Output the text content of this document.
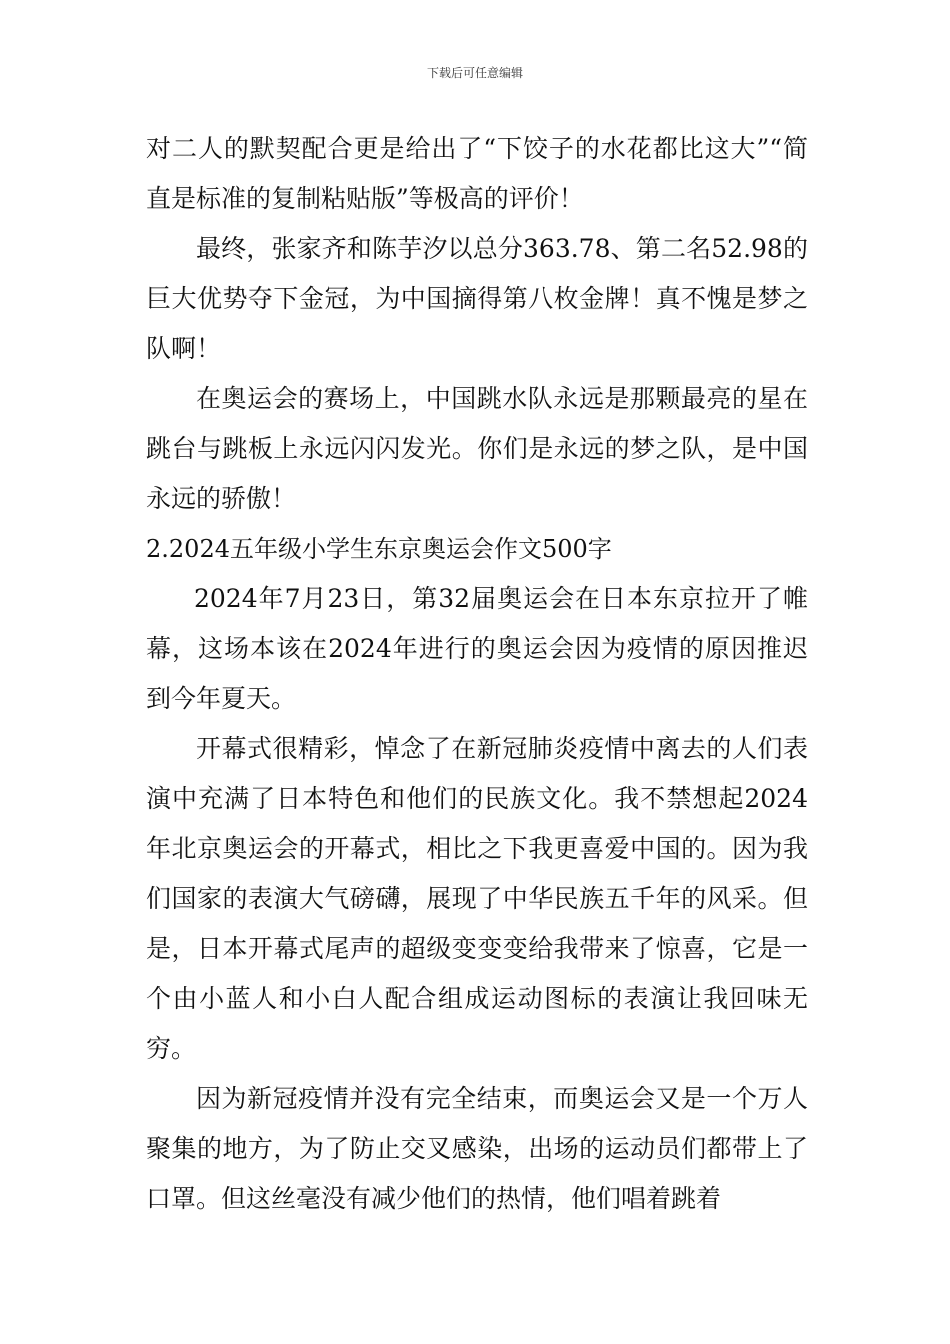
下载后可任意编辑

对二人的默契配合更是给出了“下饺子的水花都比这大”“简直是标准的复制粘贴版”等极高的评价！

最终，张家齐和陈芋汐以总分363.78、第二名52.98的巨大优势夺下金冠，为中国摘得第八枚金牌！真不愧是梦之队啊！

在奥运会的赛场上，中国跳水队永远是那颗最亮的星在跳台与跳板上永远闪闪发光。你们是永远的梦之队，是中国永远的骄傲！

2.2024五年级小学生东京奥运会作文500字

2024年7月23日，第32届奥运会在日本东京拉开了帷幕，这场本该在2024年进行的奥运会因为疫情的原因推迟到今年夏天。

开幕式很精彩，悼念了在新冠肺炎疫情中离去的人们表演中充满了日本特色和他们的民族文化。我不禁想起2024年北京奥运会的开幕式，相比之下我更喜爱中国的。因为我们国家的表演大气磅礴，展现了中华民族五千年的风采。但是，日本开幕式尾声的超级变变变给我带来了惊喜，它是一个由小蓝人和小白人配合组成运动图标的表演让我回味无穷。

因为新冠疫情并没有完全结束，而奥运会又是一个万人聚集的地方，为了防止交叉感染，出场的运动员们都带上了口罩。但这丝毫没有减少他们的热情，他们唱着跳着
